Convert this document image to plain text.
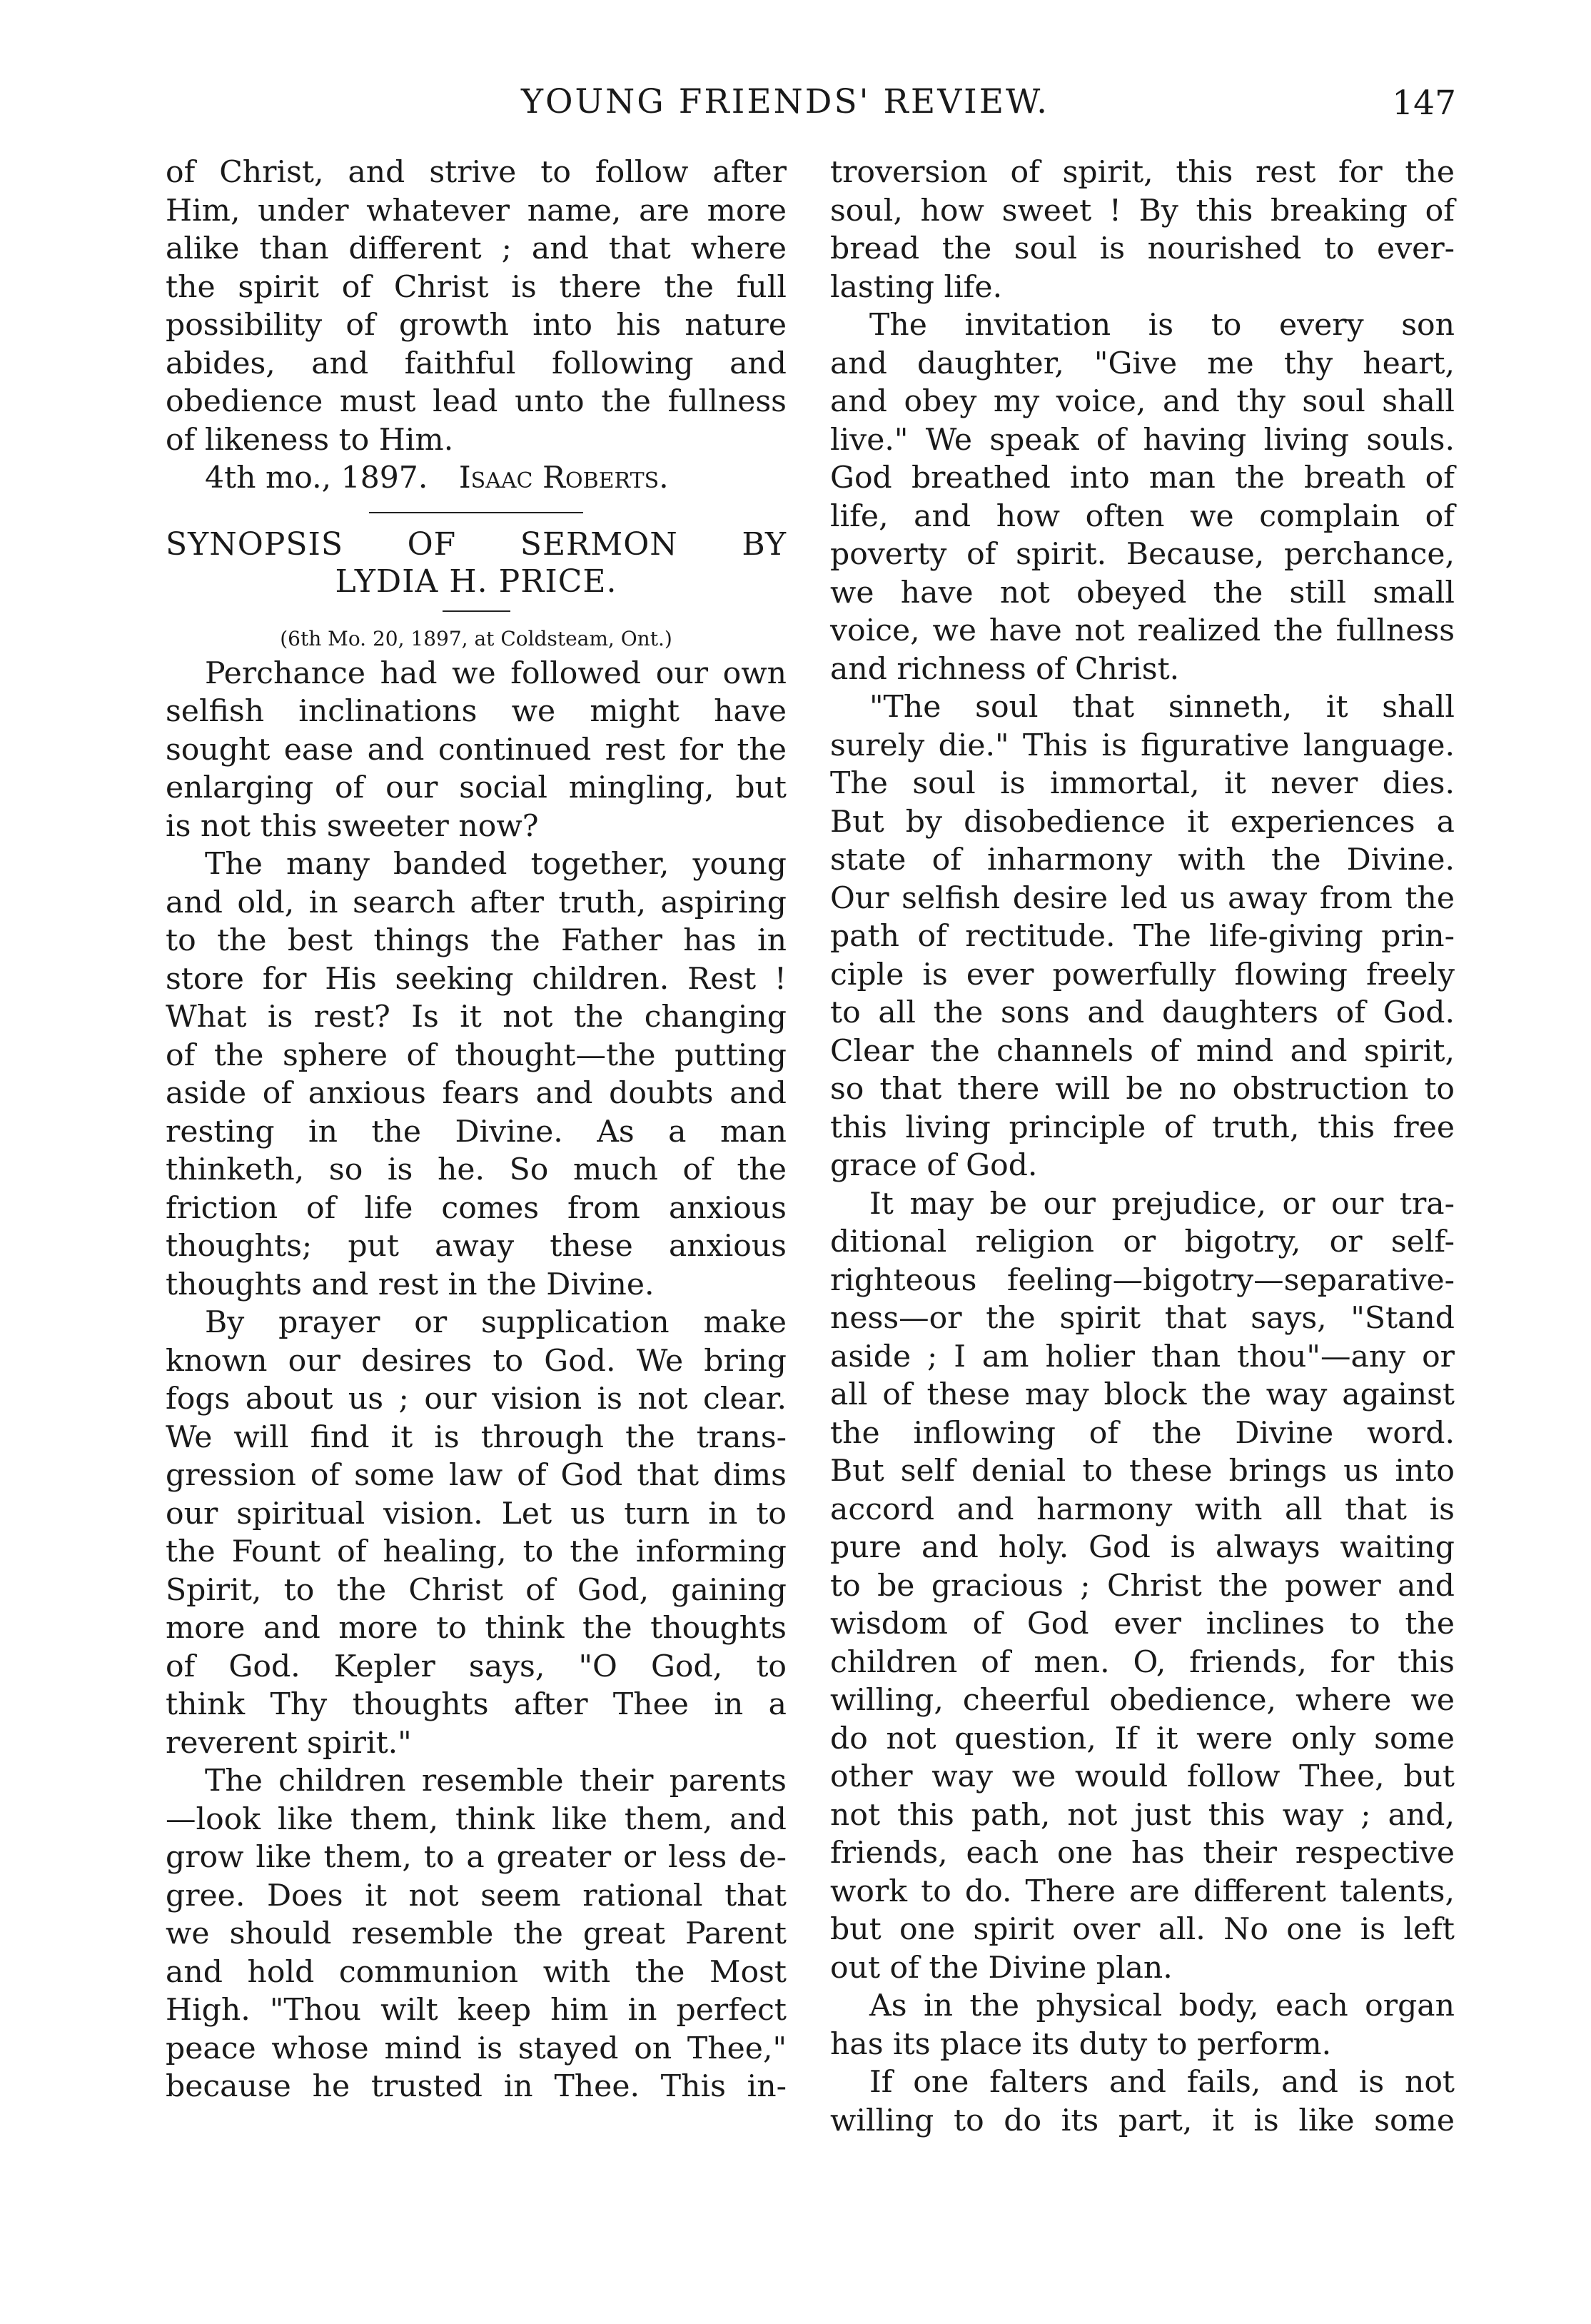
YOUNG FRIENDS' REVIEW.	147
of Christ, and strive to follow after
Him, under whatever name, are more
alike than different ; and that where
the spirit of Christ is there the full
possibility of growth into his nature
abides, and faithful following and
obedience must lead unto the fullness
of likeness to Him.
4th mo., 1897. Isaac Roberts.
SYNOPSIS OF SERMON BY
LYDIA H. PRICE.
(6th Mo. 20, 1897, at Coldsteam, Ont.)
Perchance had we followed our own
selfish inclinations we might have
sought ease and continued rest for the
enlarging of our social mingling, but
is not this sweeter now?
The many banded together, young
and old, in search after truth, aspiring
to the best things the Father has in
store for His seeking children. Rest !
What is rest? Is it not the changing
of the sphere of thought—the putting
aside of anxious fears and doubts and
resting in the Divine. As a man
thinketh, so is he. So much of the
friction of life comes from anxious
thoughts; put away these anxious
thoughts and rest in the Divine.
By prayer or supplication make
known our desires to God. We bring
fogs about us ; our vision is not clear.
We will find it is through the trans-
gression of some law of God that dims
our spiritual vision. Let us turn in to
the Fount of healing, to the informing
Spirit, to the Christ of God, gaining
more and more to think the thoughts
of God. Kepler says, "O God, to
think Thy thoughts after Thee in a
reverent spirit."
The children resemble their parents
—look like them, think like them, and
grow like them, to a greater or less de-
gree. Does it not seem rational that
we should resemble the great Parent
and hold communion with the Most
High. "Thou wilt keep him in perfect
peace whose mind is stayed on Thee,"
because he trusted in Thee. This in-
troversion of spirit, this rest for the
soul, how sweet ! By this breaking of
bread the soul is nourished to ever-
lasting life.
The invitation is to every son
and daughter, "Give me thy heart,
and obey my voice, and thy soul shall
live." We speak of having living souls.
God breathed into man the breath of
life, and how often we complain of
poverty of spirit. Because, perchance,
we have not obeyed the still small
voice, we have not realized the fullness
and richness of Christ.
"The soul that sinneth, it shall
surely die." This is figurative language.
The soul is immortal, it never dies.
But by disobedience it experiences a
state of inharmony with the Divine.
Our selfish desire led us away from the
path of rectitude. The life-giving prin-
ciple is ever powerfully flowing freely
to all the sons and daughters of God.
Clear the channels of mind and spirit,
so that there will be no obstruction to
this living principle of truth, this free
grace of God.
It may be our prejudice, or our tra-
ditional religion or bigotry, or self-
righteous feeling—bigotry—separative-
ness—or the spirit that says, "Stand
aside ; I am holier than thou"—any or
all of these may block the way against
the inflowing of the Divine word.
But self denial to these brings us into
accord and harmony with all that is
pure and holy. God is always waiting
to be gracious ; Christ the power and
wisdom of God ever inclines to the
children of men. O, friends, for this
willing, cheerful obedience, where we
do not question, If it were only some
other way we would follow Thee, but
not this path, not just this way ; and,
friends, each one has their respective
work to do. There are different talents,
but one spirit over all. No one is left
out of the Divine plan.
As in the physical body, each organ
has its place its duty to perform.
If one falters and fails, and is not
willing to do its part, it is like some
